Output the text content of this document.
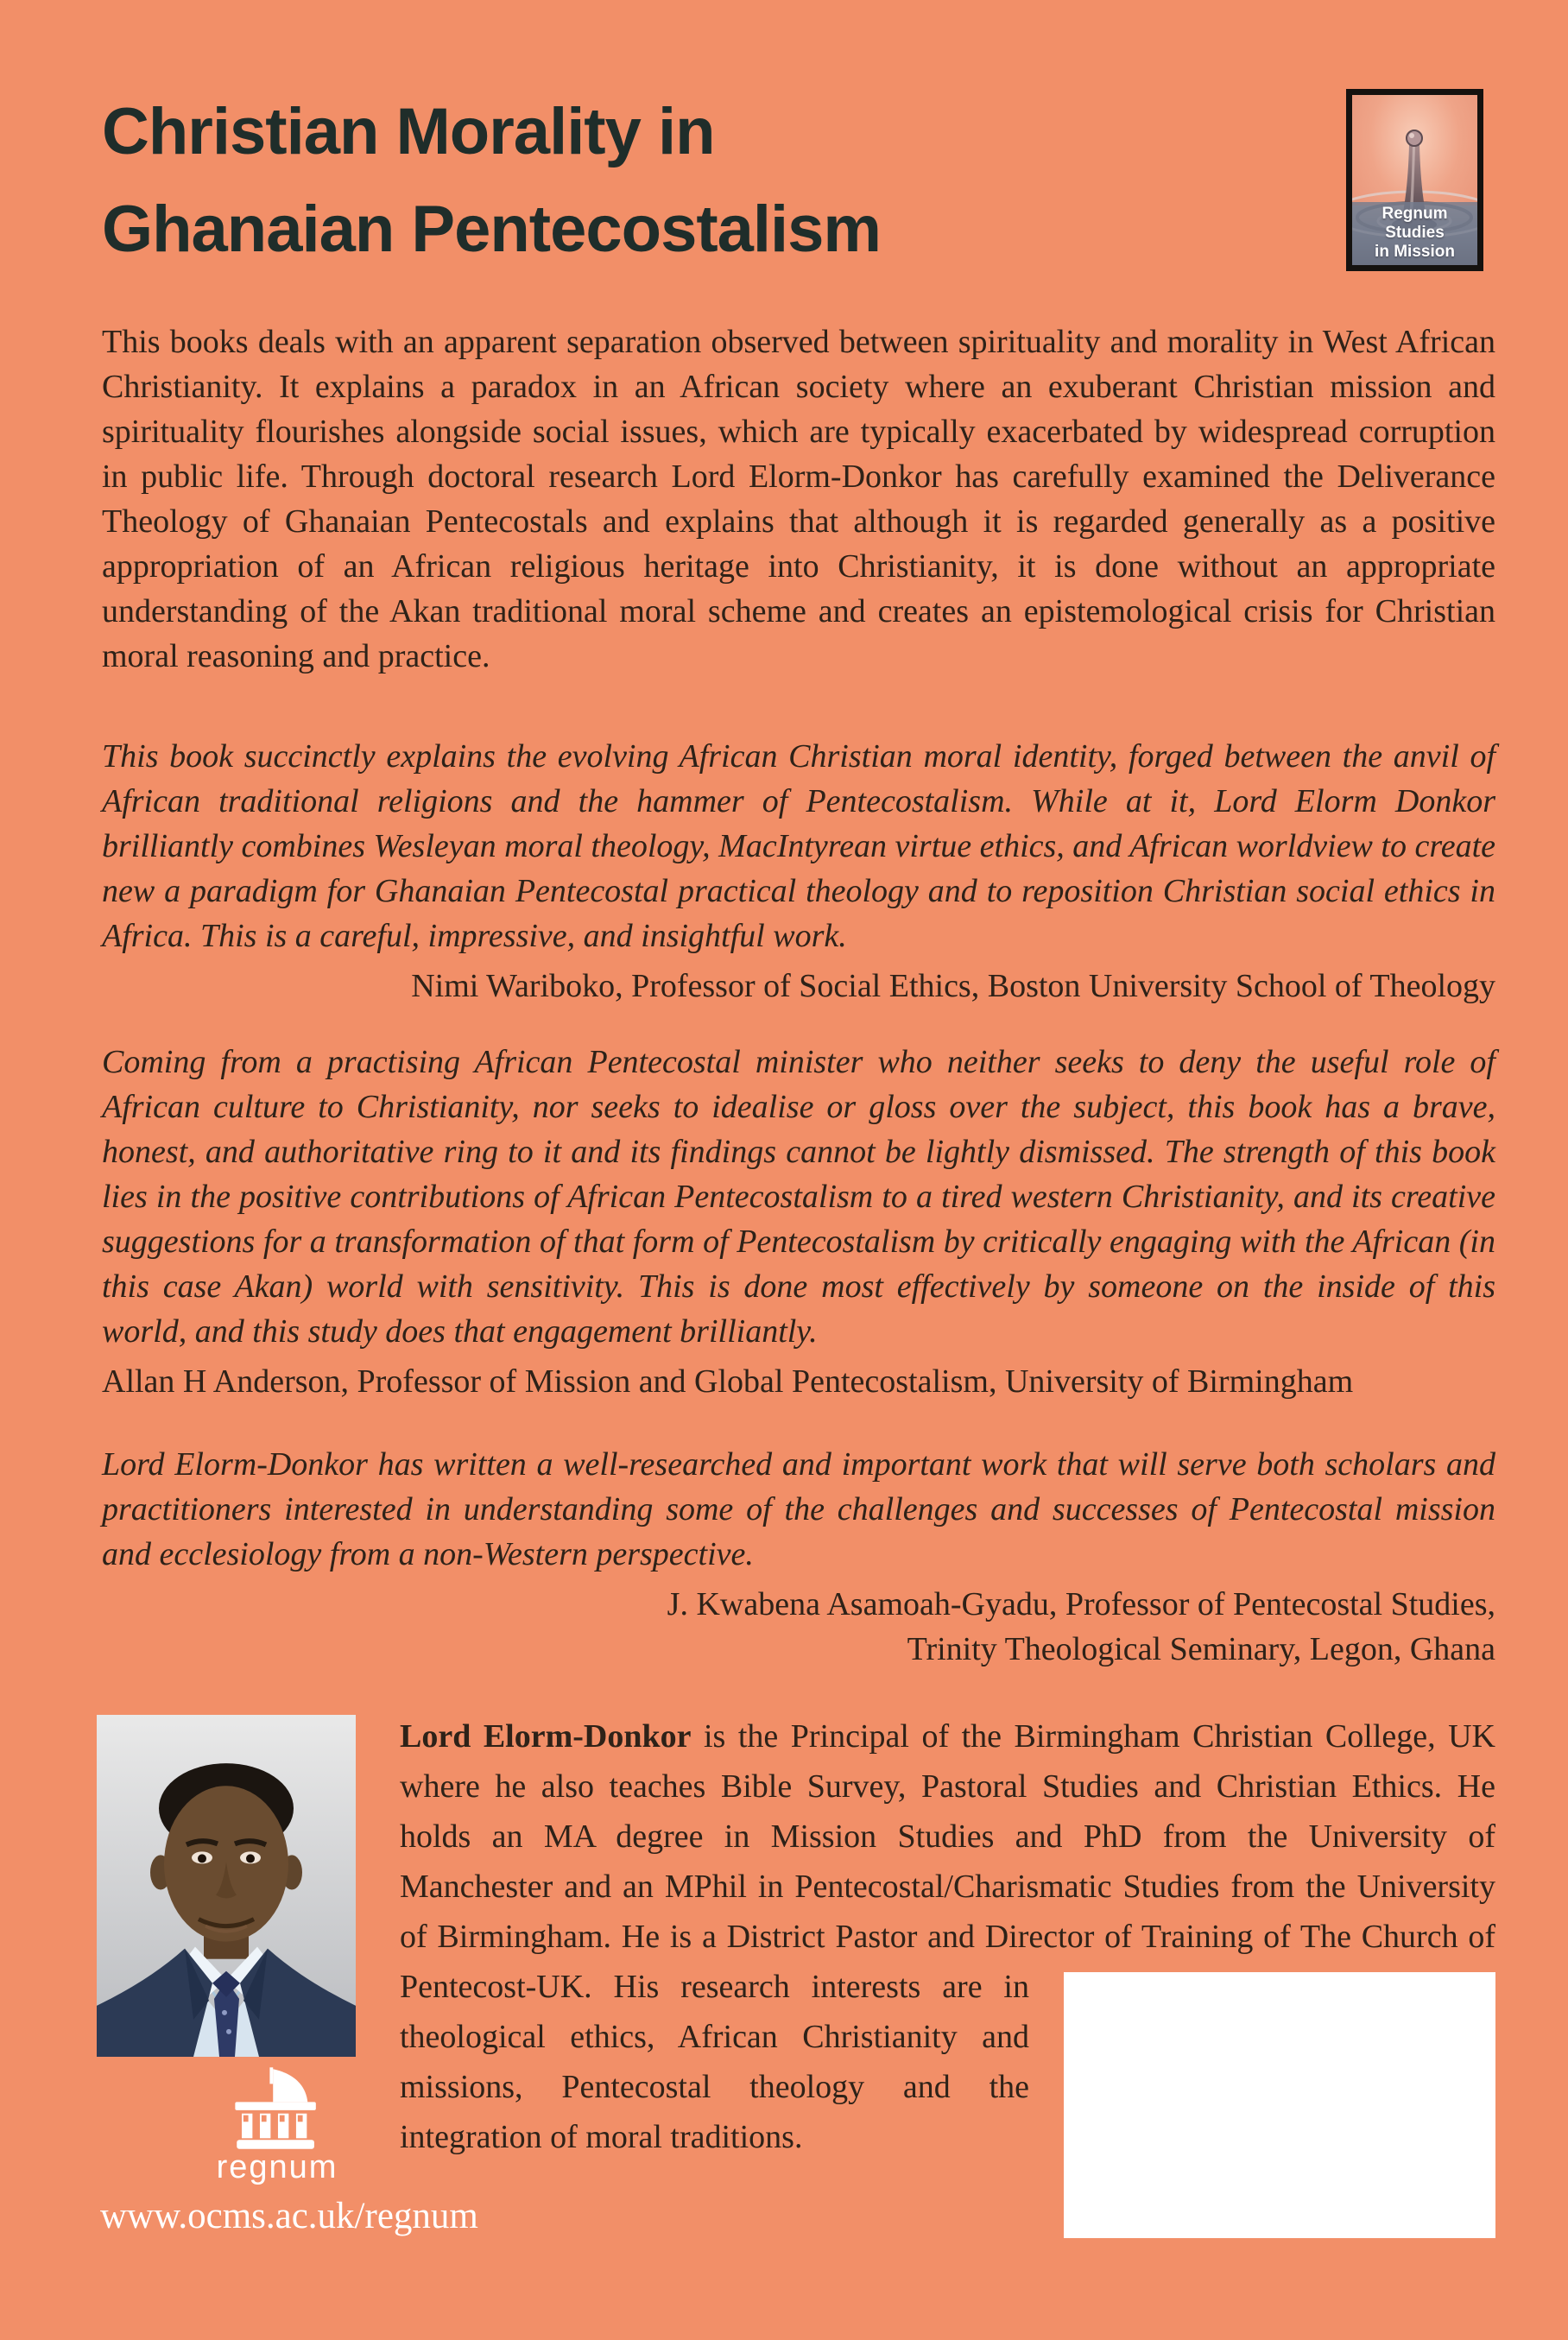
Christian Morality in
Ghanaian Pentecostalism	Regnum Studies
in Mission

This books deals with an apparent separation observed between spirituality and morality in West African Christianity. It explains a paradox in an African society where an exuberant Christian mission and spirituality flourishes alongside social issues, which are typically exacerbated by widespread corruption in public life. Through doctoral research Lord Elorm-Donkor has carefully examined the Deliverance Theology of Ghanaian Pentecostals and explains that although it is regarded generally as a positive appropriation of an African religious heritage into Christianity, it is done without an appropriate understanding of the Akan traditional moral scheme and creates an epistemological crisis for Christian moral reasoning and practice.

This book succinctly explains the evolving African Christian moral identity, forged between the anvil of African traditional religions and the hammer of Pentecostalism. While at it, Lord Elorm Donkor brilliantly combines Wesleyan moral theology, MacIntyrean virtue ethics, and African worldview to create new a paradigm for Ghanaian Pentecostal practical theology and to reposition Christian social ethics in Africa. This is a careful, impressive, and insightful work.

Nimi Wariboko, Professor of Social Ethics, Boston University School of Theology

Coming from a practising African Pentecostal minister who neither seeks to deny the useful role of African culture to Christianity, nor seeks to idealise or gloss over the subject, this book has a brave, honest, and authoritative ring to it and its findings cannot be lightly dismissed. The strength of this book lies in the positive contributions of African Pentecostalism to a tired western Christianity, and its creative suggestions for a transformation of that form of Pentecostalism by critically engaging with the African (in this case Akan) world with sensitivity. This is done most effectively by someone on the inside of this world, and this study does that engagement brilliantly.

Allan H Anderson, Professor of Mission and Global Pentecostalism, University of Birmingham

Lord Elorm-Donkor has written a well-researched and important work that will serve both scholars and practitioners interested in understanding some of the challenges and successes of Pentecostal mission and ecclesiology from a non-Western perspective.

J. Kwabena Asamoah-Gyadu, Professor of Pentecostal Studies,
Trinity Theological Seminary, Legon, Ghana

Lord Elorm-Donkor is the Principal of the Birmingham Christian College, UK where he also teaches Bible Survey, Pastoral Studies and Christian Ethics. He holds an MA degree in Mission Studies and PhD from the University of Manchester and an MPhil in Pentecostal/Charismatic Studies from the University of Birmingham. He is a District Pastor and Director of Training of The Church of Pentecost-UK. His research interests are in theological ethics, African Christianity and missions, Pentecostal theology and the integration of moral traditions.

regnum
www.ocms.ac.uk/regnum
